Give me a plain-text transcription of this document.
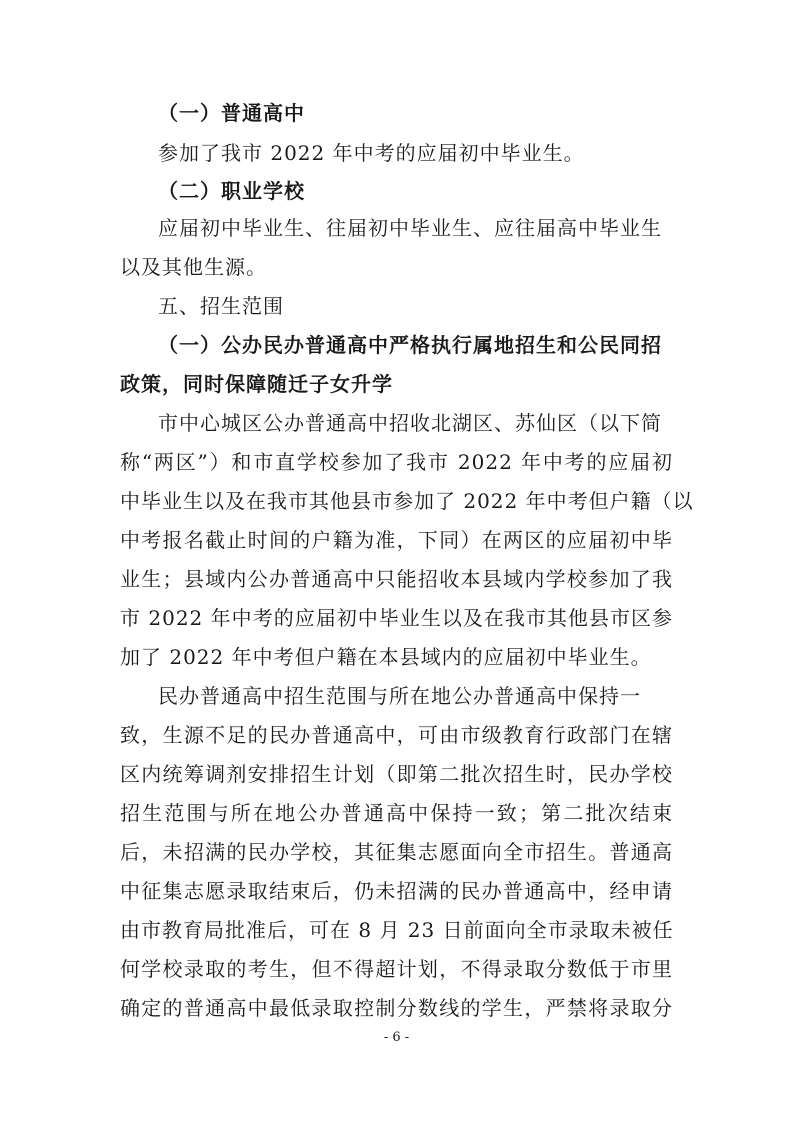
（一）普通高中

参加了我市 2022 年中考的应届初中毕业生。

（二）职业学校

应届初中毕业生、往届初中毕业生、应往届高中毕业生

以及其他生源。

五、招生范围

（一）公办民办普通高中严格执行属地招生和公民同招

政策，同时保障随迁子女升学

市中心城区公办普通高中招收北湖区、苏仙区（以下简

称“两区”）和市直学校参加了我市 2022 年中考的应届初

中毕业生以及在我市其他县市参加了 2022 年中考但户籍（以

中考报名截止时间的户籍为准，下同）在两区的应届初中毕

业生；县域内公办普通高中只能招收本县域内学校参加了我

市 2022 年中考的应届初中毕业生以及在我市其他县市区参

加了 2022 年中考但户籍在本县域内的应届初中毕业生。

民办普通高中招生范围与所在地公办普通高中保持一

致，生源不足的民办普通高中，可由市级教育行政部门在辖

区内统筹调剂安排招生计划（即第二批次招生时，民办学校

招生范围与所在地公办普通高中保持一致；第二批次结束

后，未招满的民办学校，其征集志愿面向全市招生。普通高

中征集志愿录取结束后，仍未招满的民办普通高中，经申请

由市教育局批准后，可在 8 月 23 日前面向全市录取未被任

何学校录取的考生，但不得超计划，不得录取分数低于市里

确定的普通高中最低录取控制分数线的学生，严禁将录取分

- 6 -
